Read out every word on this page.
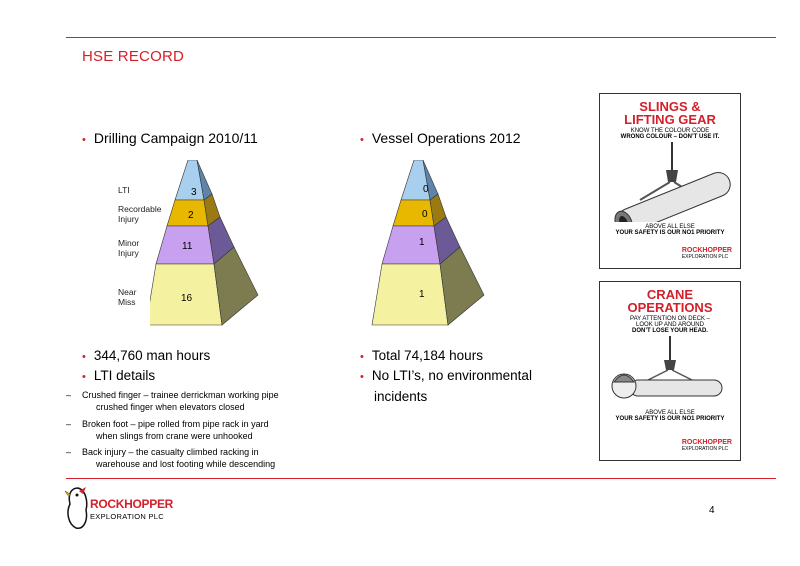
HSE RECORD
• Drilling Campaign 2010/11
LTI
Recordable
Injury
Minor
Injury
Near
Miss
3
2
11
16
• 344,760 man hours
• LTI details
– Crushed finger – trainee derrickman working pipe
crushed finger when elevators closed
– Broken foot – pipe rolled from pipe rack in yard
when slings from crane were unhooked
– Back injury – the casualty climbed racking in
warehouse and lost footing while descending
• Vessel Operations 2012
0
0
1
1
• Total 74,184 hours
• No LTI’s, no environmental incidents
SLINGS &
LIFTING GEAR
KNOW THE COLOUR CODE
WRONG COLOUR – DON’T USE IT.
ABOVE ALL ELSE
YOUR SAFETY IS OUR NO1 PRIORITY
ROCKHOPPER
EXPLORATION PLC
CRANE
OPERATIONS
PAY ATTENTION ON DECK –
LOOK UP AND AROUND
DON’T LOSE YOUR HEAD.
ABOVE ALL ELSE
YOUR SAFETY IS OUR NO1 PRIORITY
ROCKHOPPER
EXPLORATION PLC
ROCKHOPPER
EXPLORATION PLC
4
